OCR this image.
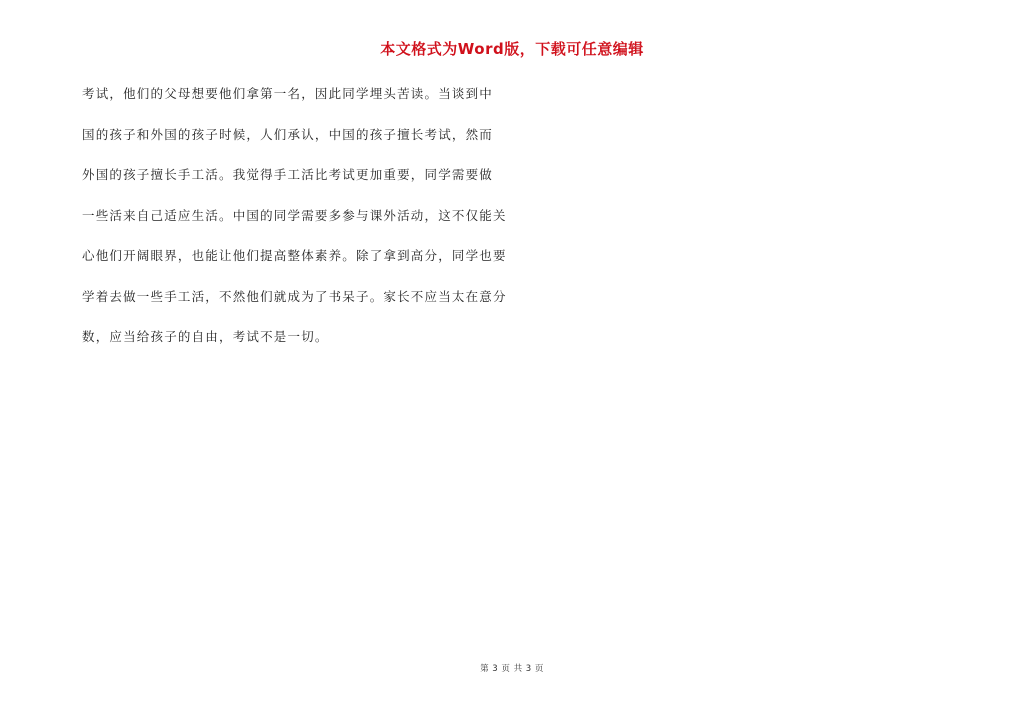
本文格式为Word版，下载可任意编辑
考试，他们的父母想要他们拿第一名，因此同学埋头苦读。当谈到中
国的孩子和外国的孩子时候，人们承认，中国的孩子擅长考试，然而
外国的孩子擅长手工活。我觉得手工活比考试更加重要，同学需要做
一些活来自己适应生活。中国的同学需要多参与课外活动，这不仅能关
心他们开阔眼界，也能让他们提高整体素养。除了拿到高分，同学也要
学着去做一些手工活，不然他们就成为了书呆子。家长不应当太在意分
数，应当给孩子的自由，考试不是一切。
第 3 页 共 3 页
